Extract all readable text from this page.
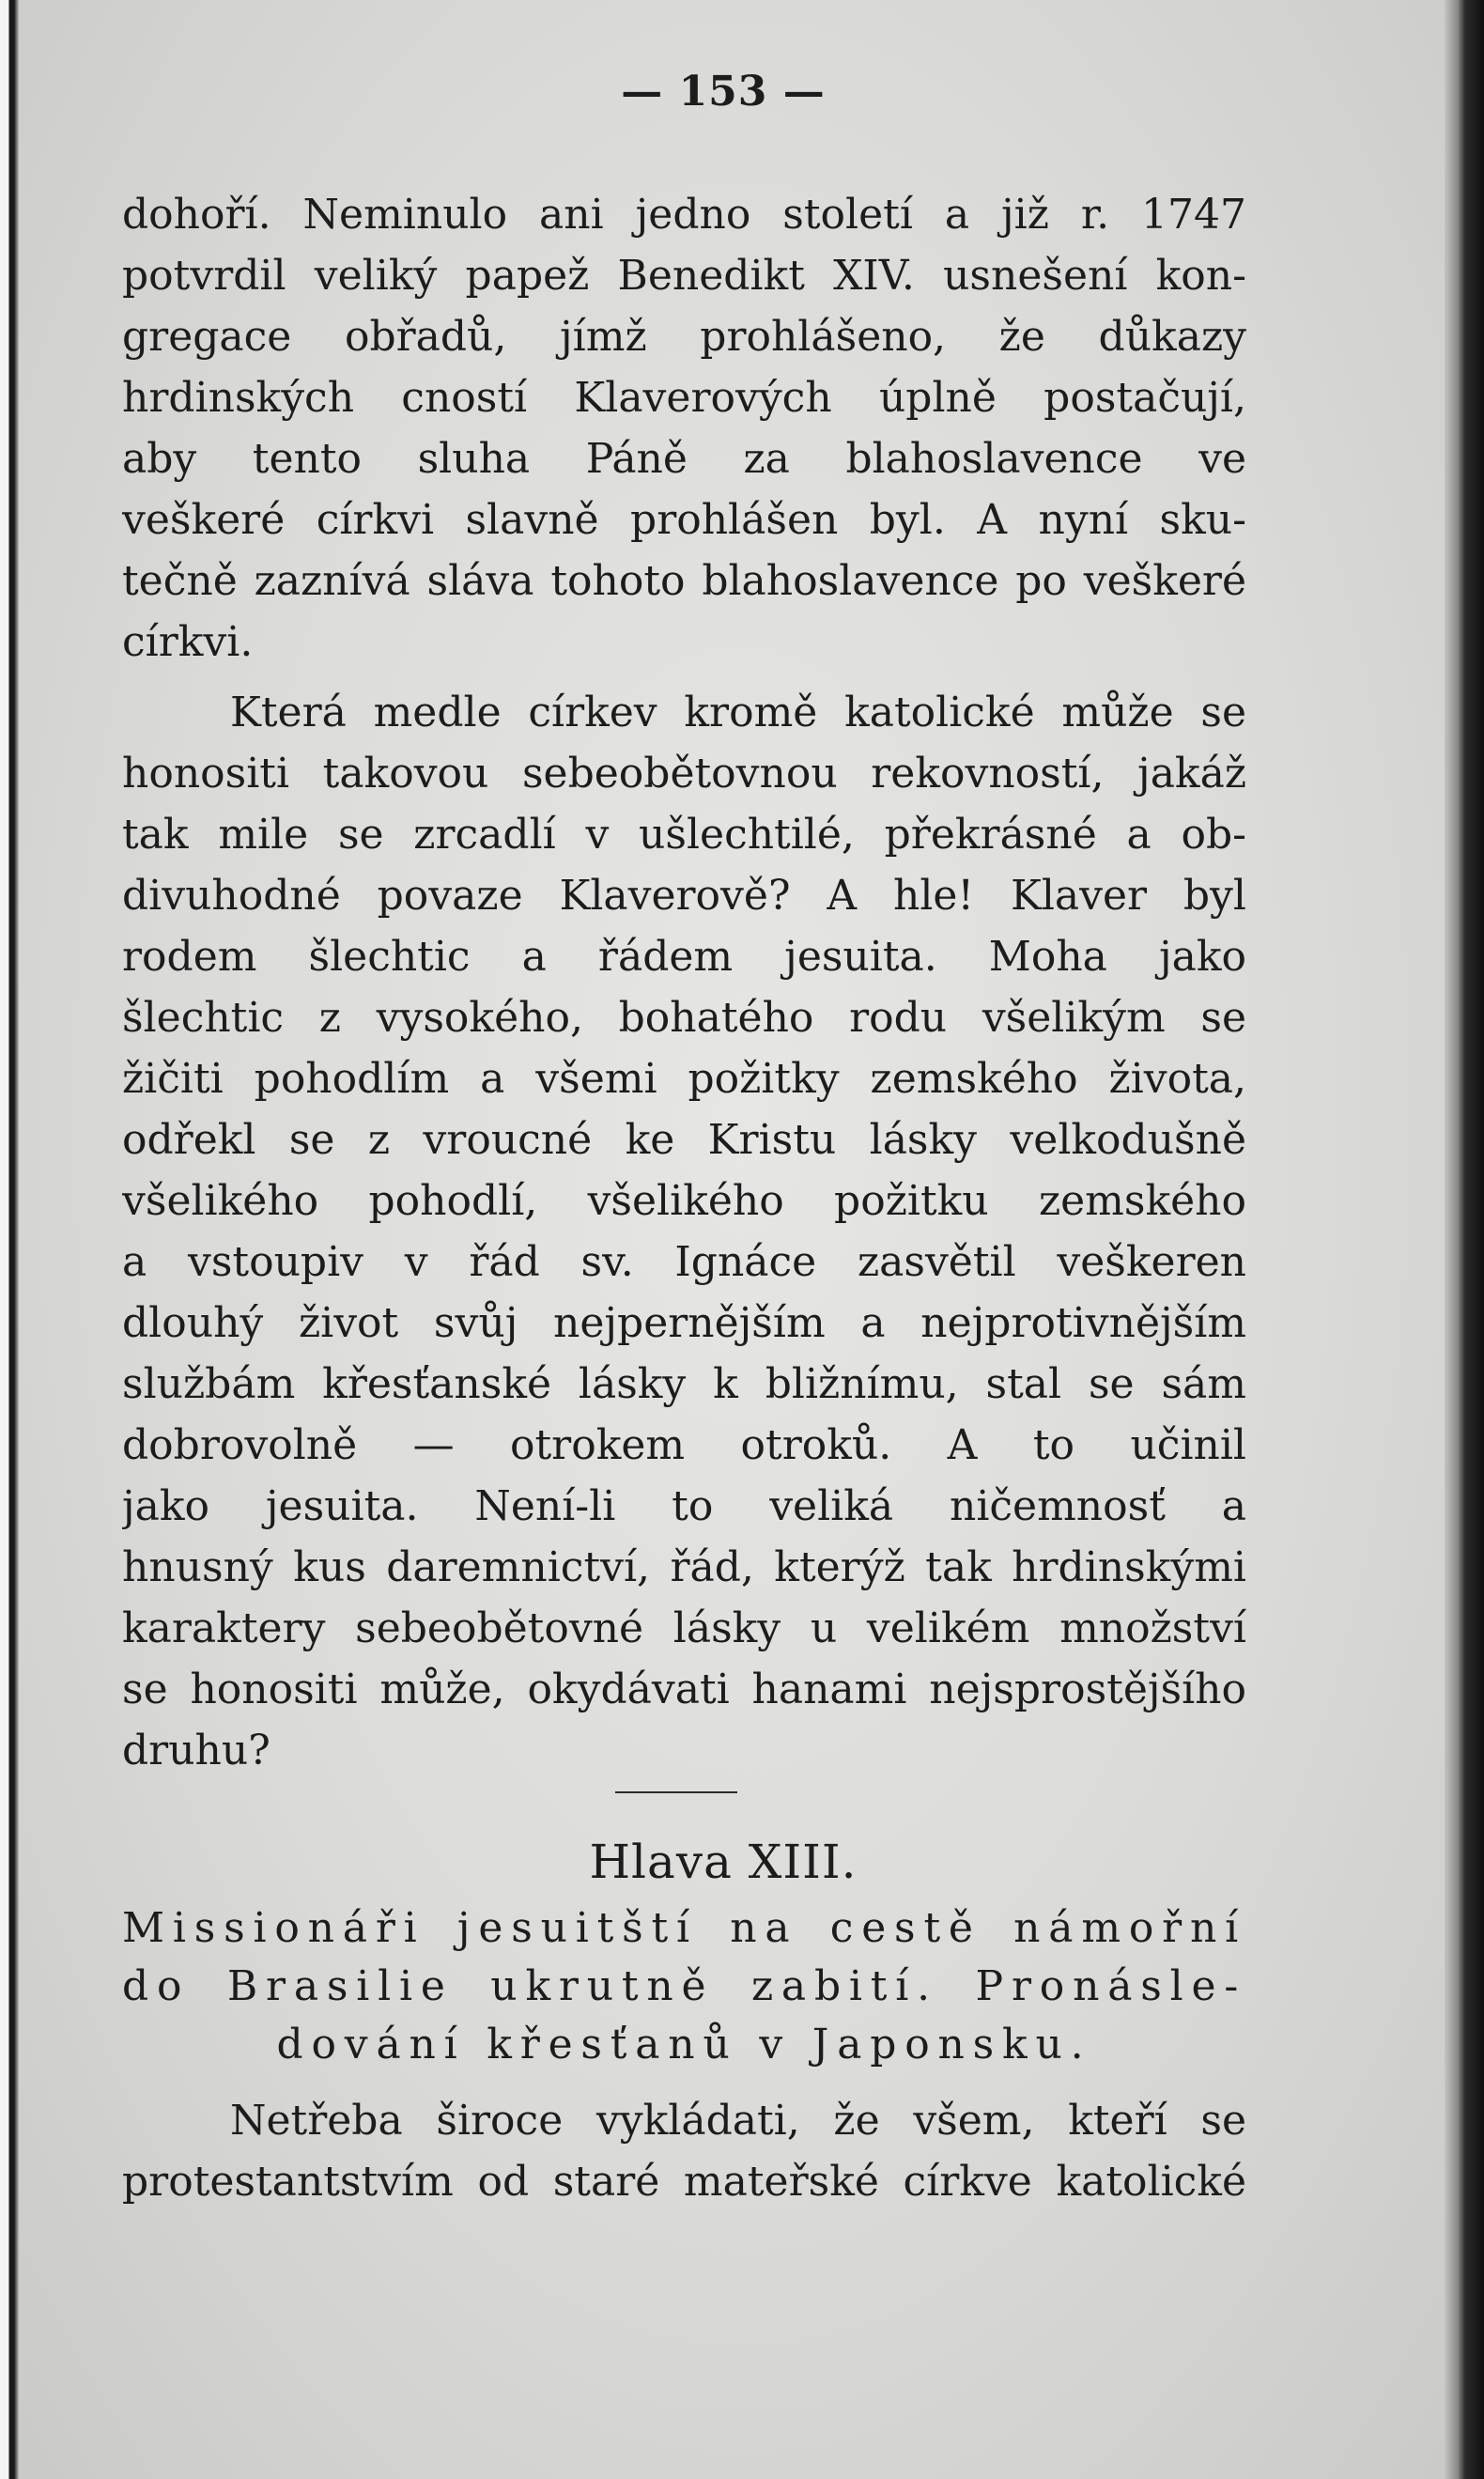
— 153 —

dohoří. Neminulo ani jedno století a již r. 1747
potvrdil veliký papež Benedikt XIV. usnešení kon-
gregace obřadů, jímž prohlášeno, že důkazy
hrdinských cností Klaverových úplně postačují,
aby tento sluha Páně za blahoslavence ve
veškeré církvi slavně prohlášen byl. A nyní sku-
tečně zaznívá sláva tohoto blahoslavence po veškeré
církvi.
Která medle církev kromě katolické může se
honositi takovou sebeobětovnou rekovností, jakáž
tak mile se zrcadlí v ušlechtilé, překrásné a ob-
divuhodné povaze Klaverově? A hle! Klaver byl
rodem šlechtic a řádem jesuita. Moha jako
šlechtic z vysokého, bohatého rodu všelikým se
žičiti pohodlím a všemi požitky zemského života,
odřekl se z vroucné ke Kristu lásky velkodušně
všelikého pohodlí, všelikého požitku zemského
a vstoupiv v řád sv. Ignáce zasvětil veškeren
dlouhý život svůj nejpernějším a nejprotivnějším
službám křesťanské lásky k bližnímu, stal se sám
dobrovolně — otrokem otroků. A to učinil
jako jesuita. Není-li to veliká ničemnosť a
hnusný kus daremnictví, řád, kterýž tak hrdinskými
karaktery sebeobětovné lásky u velikém množství
se honositi může, okydávati hanami nejsprostějšího
druhu?
Hlava XIII.
Missionáři jesuitští na cestě námořní
do Brasilie ukrutně zabití. Pronásle-
dování křesťanů v Japonsku.
Netřeba široce vykládati, že všem, kteří se
protestantstvím od staré mateřské církve katolické
